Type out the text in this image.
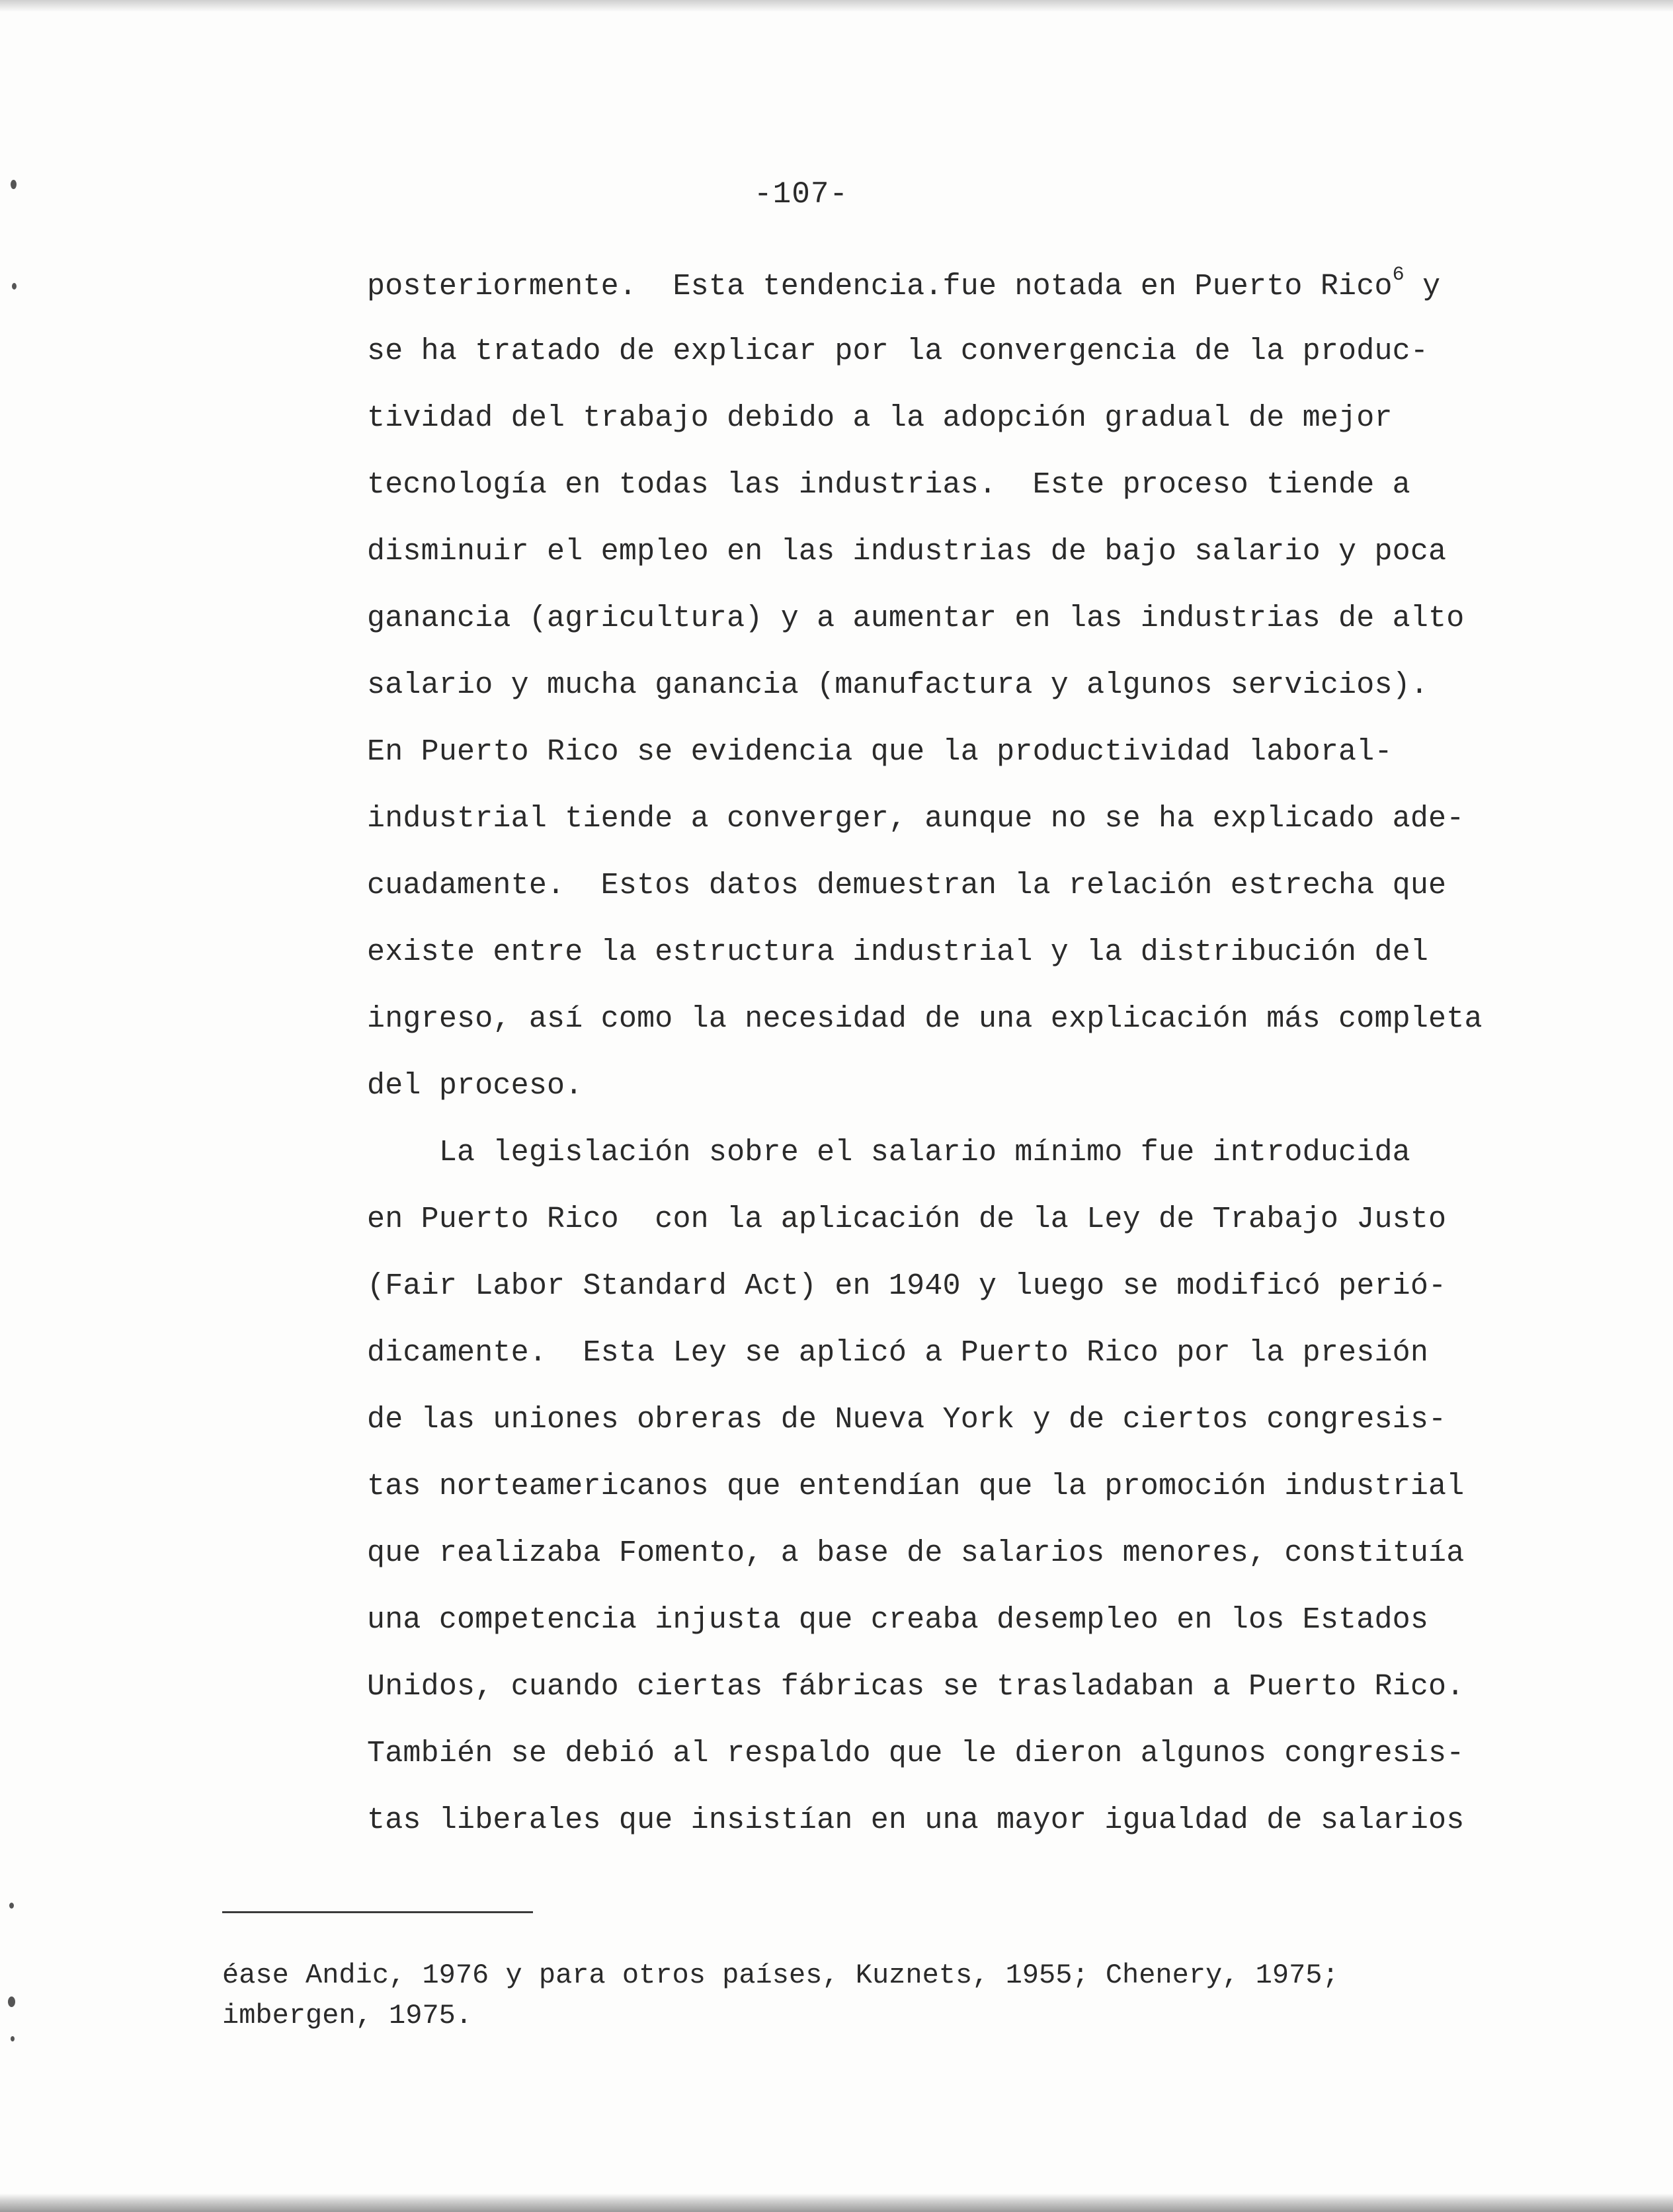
-107-
posteriormente.  Esta tendencia.fue notada en Puerto Rico$^6$ y
se ha tratado de explicar por la convergencia de la produc-
tividad del trabajo debido a la adopción gradual de mejor
tecnología en todas las industrias.  Este proceso tiende a
disminuir el empleo en las industrias de bajo salario y poca
ganancia (agricultura) y a aumentar en las industrias de alto
salario y mucha ganancia (manufactura y algunos servicios).
En Puerto Rico se evidencia que la productividad laboral-
industrial tiende a converger, aunque no se ha explicado ade-
cuadamente.  Estos datos demuestran la relación estrecha que
existe entre la estructura industrial y la distribución del
ingreso, así como la necesidad de una explicación más completa
del proceso.
La legislación sobre el salario mínimo fue introducida
en Puerto Rico  con la aplicación de la Ley de Trabajo Justo
(Fair Labor Standard Act) en 1940 y luego se modificó perió-
dicamente.  Esta Ley se aplicó a Puerto Rico por la presión
de las uniones obreras de Nueva York y de ciertos congresis-
tas norteamericanos que entendían que la promoción industrial
que realizaba Fomento, a base de salarios menores, constituía
una competencia injusta que creaba desempleo en los Estados
Unidos, cuando ciertas fábricas se trasladaban a Puerto Rico.
También se debió al respaldo que le dieron algunos congresis-
tas liberales que insistían en una mayor igualdad de salarios
éase Andic, 1976 y para otros países, Kuznets, 1955; Chenery, 1975;
imbergen, 1975.
